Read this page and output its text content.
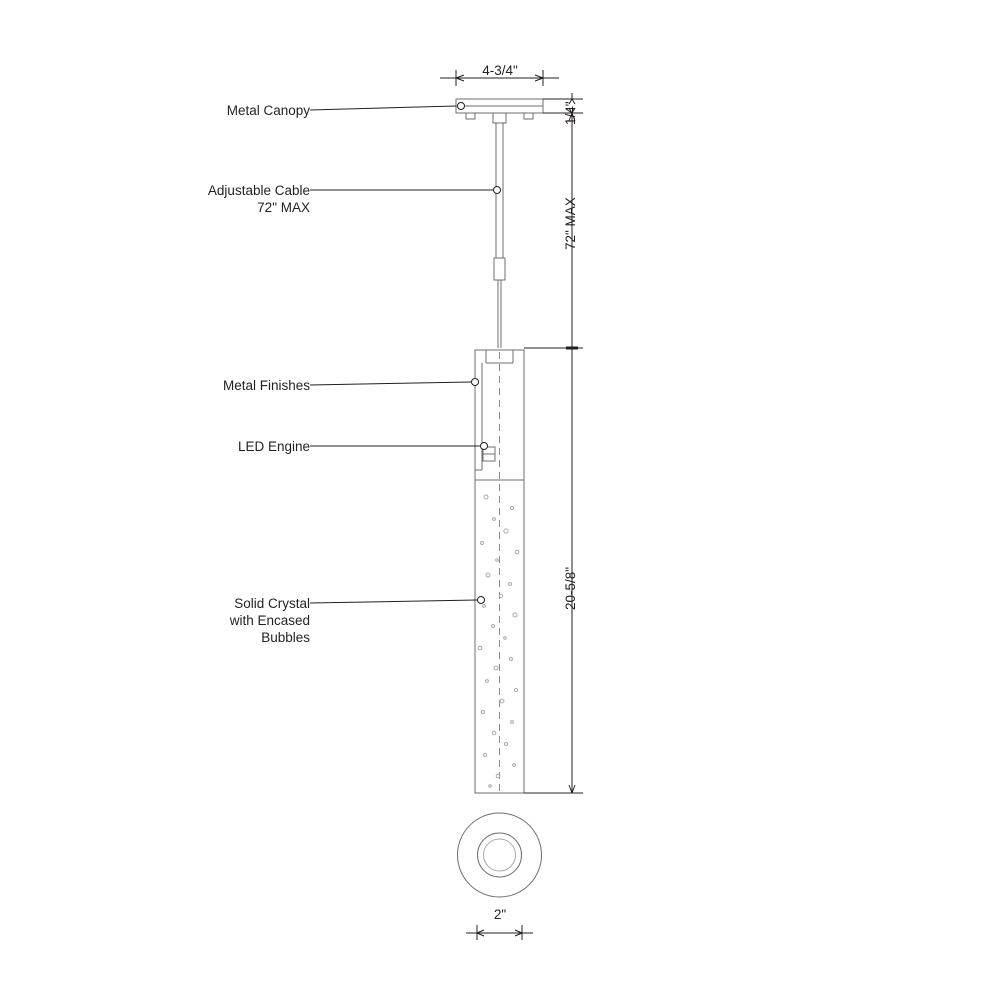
4-3/4"
Metal Canopy
Adjustable Cable
72" MAX
Metal Finishes
LED Engine
Solid Crystal
with Encased
Bubbles
1/4"
72" MAX
20-5/8"
2"
